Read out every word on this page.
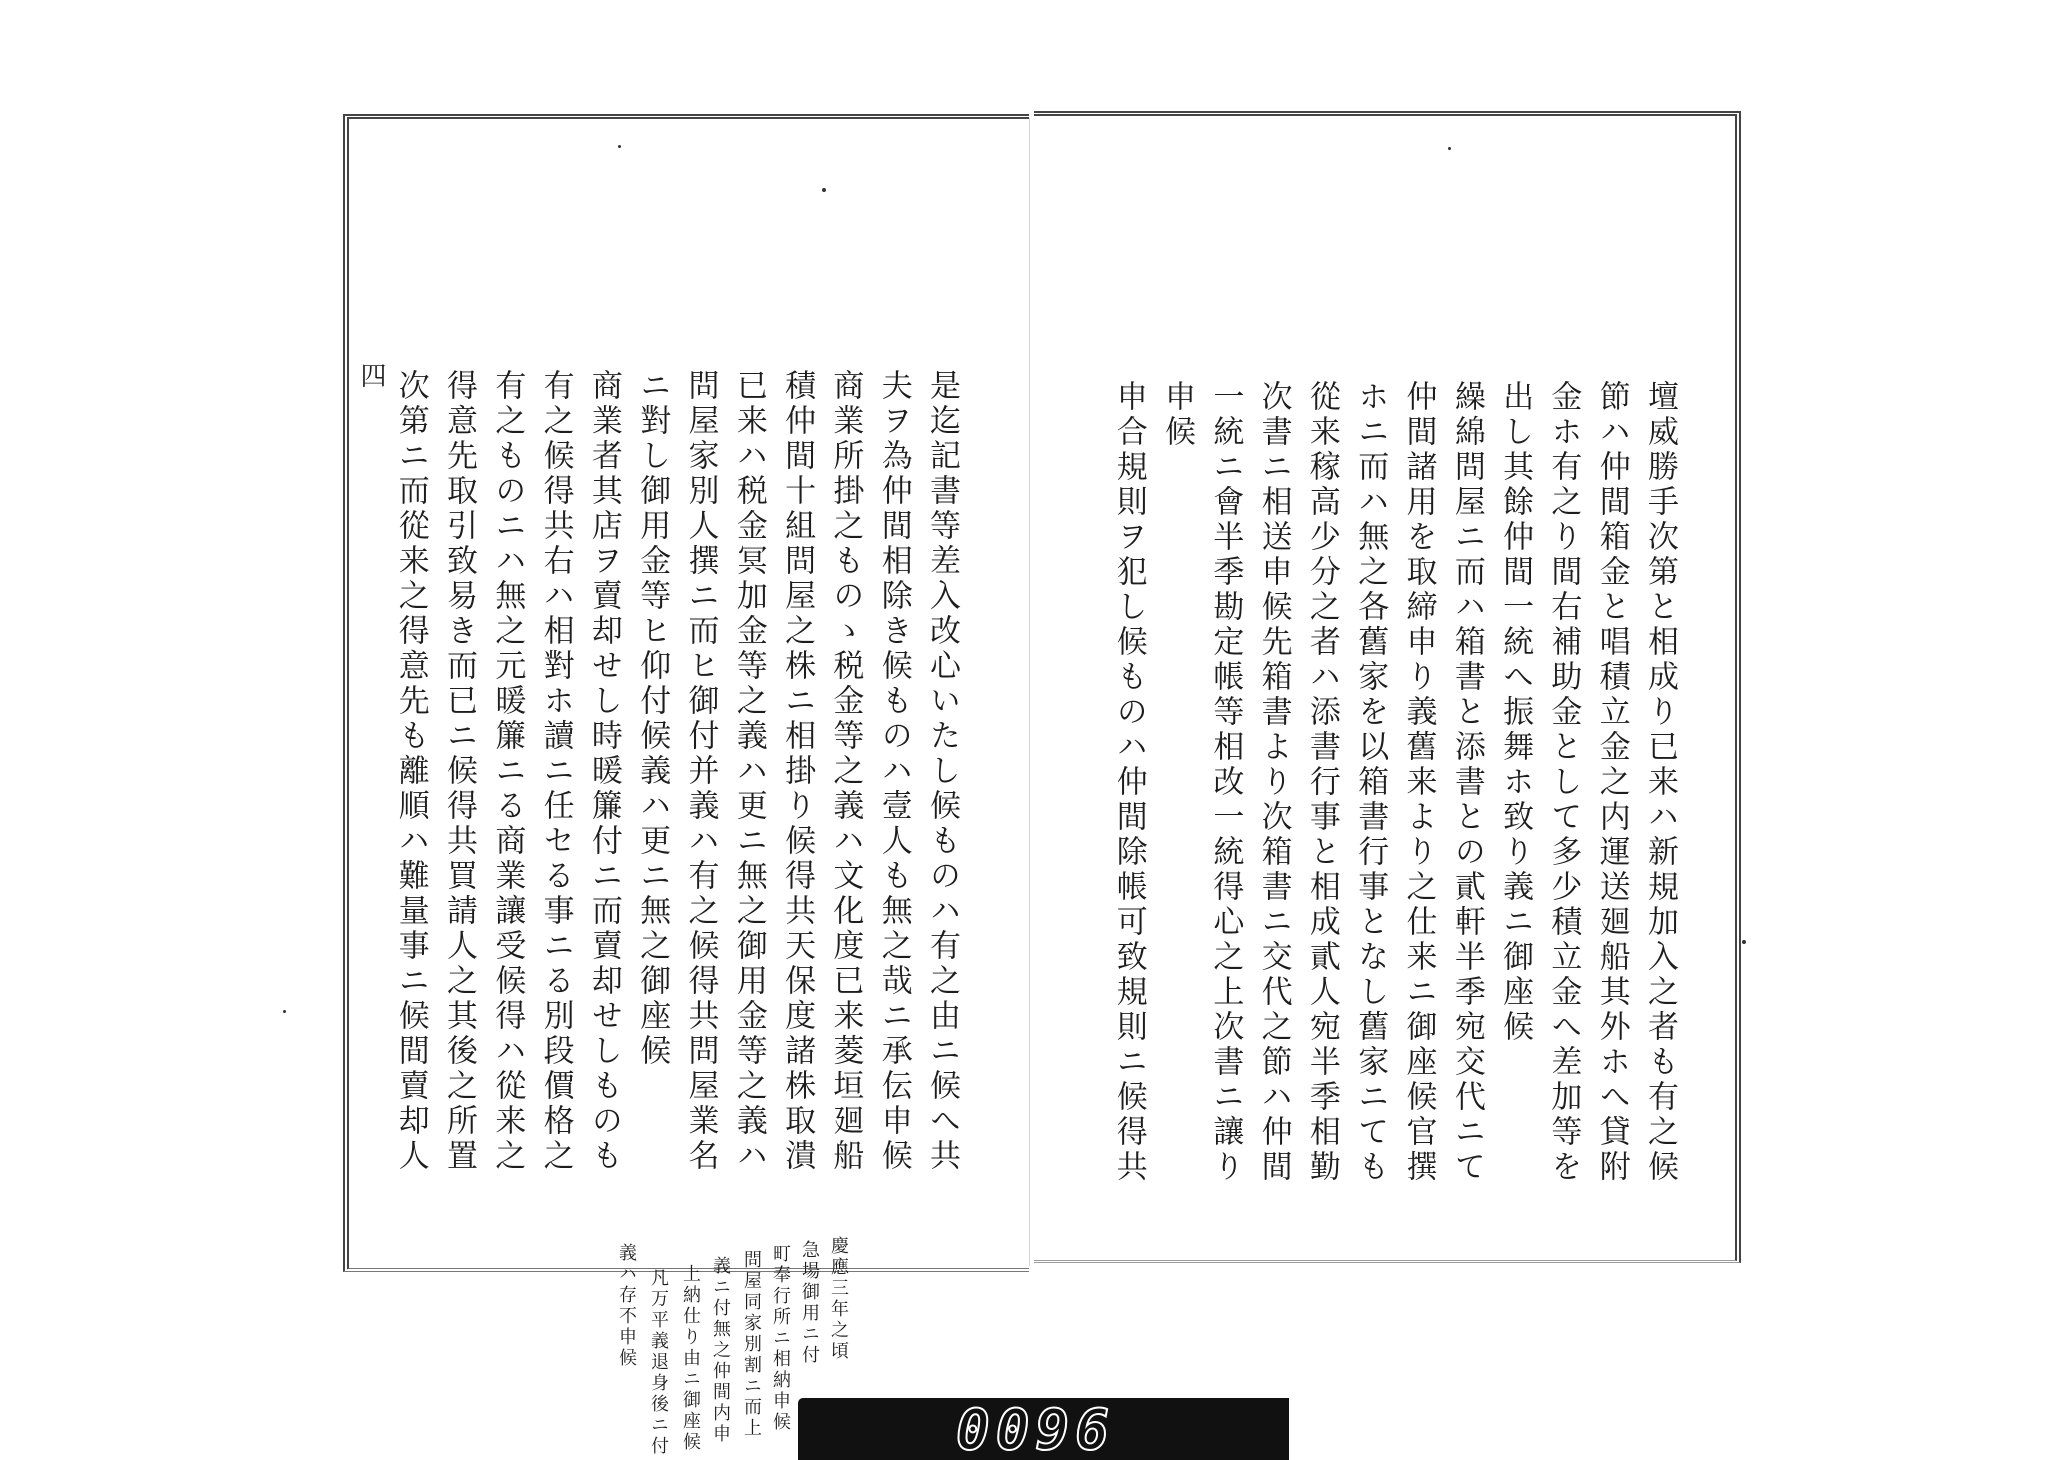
壇威勝手次第と相成り已来ハ新規加入之者も有之候
節ハ仲間箱金と唱積立金之内運送廻船其外ホへ貸附
金ホ有之り間右補助金として多少積立金へ差加等を
出し其餘仲間一統へ振舞ホ致り義ニ御座候
繰綿問屋ニ而ハ箱書と添書との貳軒半季宛交代ニて
仲間諸用を取締申り義舊来より之仕来ニ御座候官撰
ホニ而ハ無之各舊家を以箱書行事となし舊家ニても
從来稼高少分之者ハ添書行事と相成貳人宛半季相勤
次書ニ相送申候先箱書より次箱書ニ交代之節ハ仲間
一統ニ會半季勘定帳等相改一統得心之上次書ニ讓り
申候
申合規則ヲ犯し候ものハ仲間除帳可致規則ニ候得共
是迄記書等差入改心いたし候ものハ有之由ニ候へ共
夫ヲ為仲間相除き候ものハ壹人も無之哉ニ承伝申候
商業所掛之ものゝ税金等之義ハ文化度已来菱垣廻船
積仲間十組問屋之株ニ相掛り候得共天保度諸株取潰
已来ハ税金冥加金等之義ハ更ニ無之御用金等之義ハ
問屋家別人撰ニ而ヒ御付并義ハ有之候得共問屋業名
ニ對し御用金等ヒ仰付候義ハ更ニ無之御座候
商業者其店ヲ賣却せし時暖簾付ニ而賣却せしものも
有之候得共右ハ相對ホ讀ニ任セる事ニる別段價格之
有之ものニハ無之元暖簾ニる商業讓受候得ハ從来之
得意先取引致易き而已ニ候得共買請人之其後之所置
次第ニ而從来之得意先も離順ハ難量事ニ候間賣却人
四
慶應三年之頃
急場御用ニ付
町奉行所ニ相納申候
問屋同家別割ニ而上
義ニ付無之仲間内申
上納仕り由ニ御座候
凡万平義退身後ニ付
義ハ存不申候
0096
